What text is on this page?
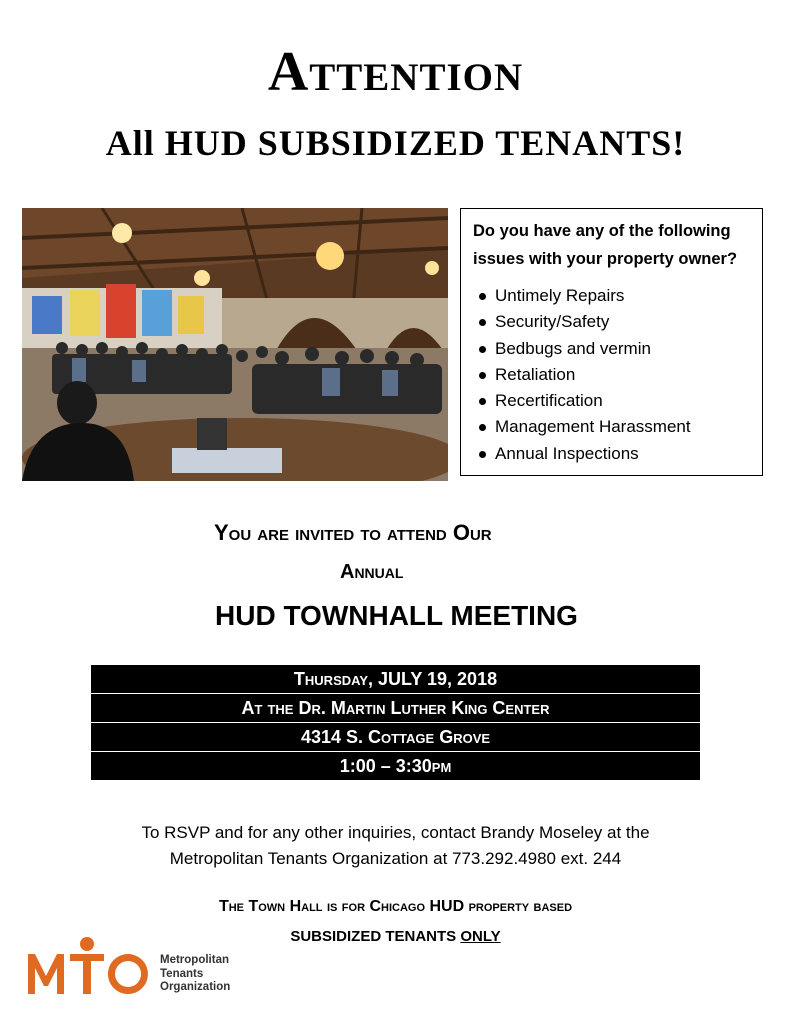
Attention
All HUD SUBSIDIZED TENANTS!
Do you have any of the following
issues with your property owner?
Untimely Repairs
Security/Safety
Bedbugs and vermin
Retaliation
Recertification
Management Harassment
Annual Inspections
You are invited to attend Our
Annual
HUD TOWNHALL MEETING
Thursday, JULY 19, 2018
At the Dr. Martin Luther King Center
4314 S. Cottage Grove
1:00 – 3:30pm
To RSVP and for any other inquiries, contact Brandy Moseley at the
Metropolitan Tenants Organization at 773.292.4980 ext. 244
The Town Hall is for Chicago HUD property based
SUBSIDIZED TENANTS ONLY
Metropolitan
Tenants
Organization
